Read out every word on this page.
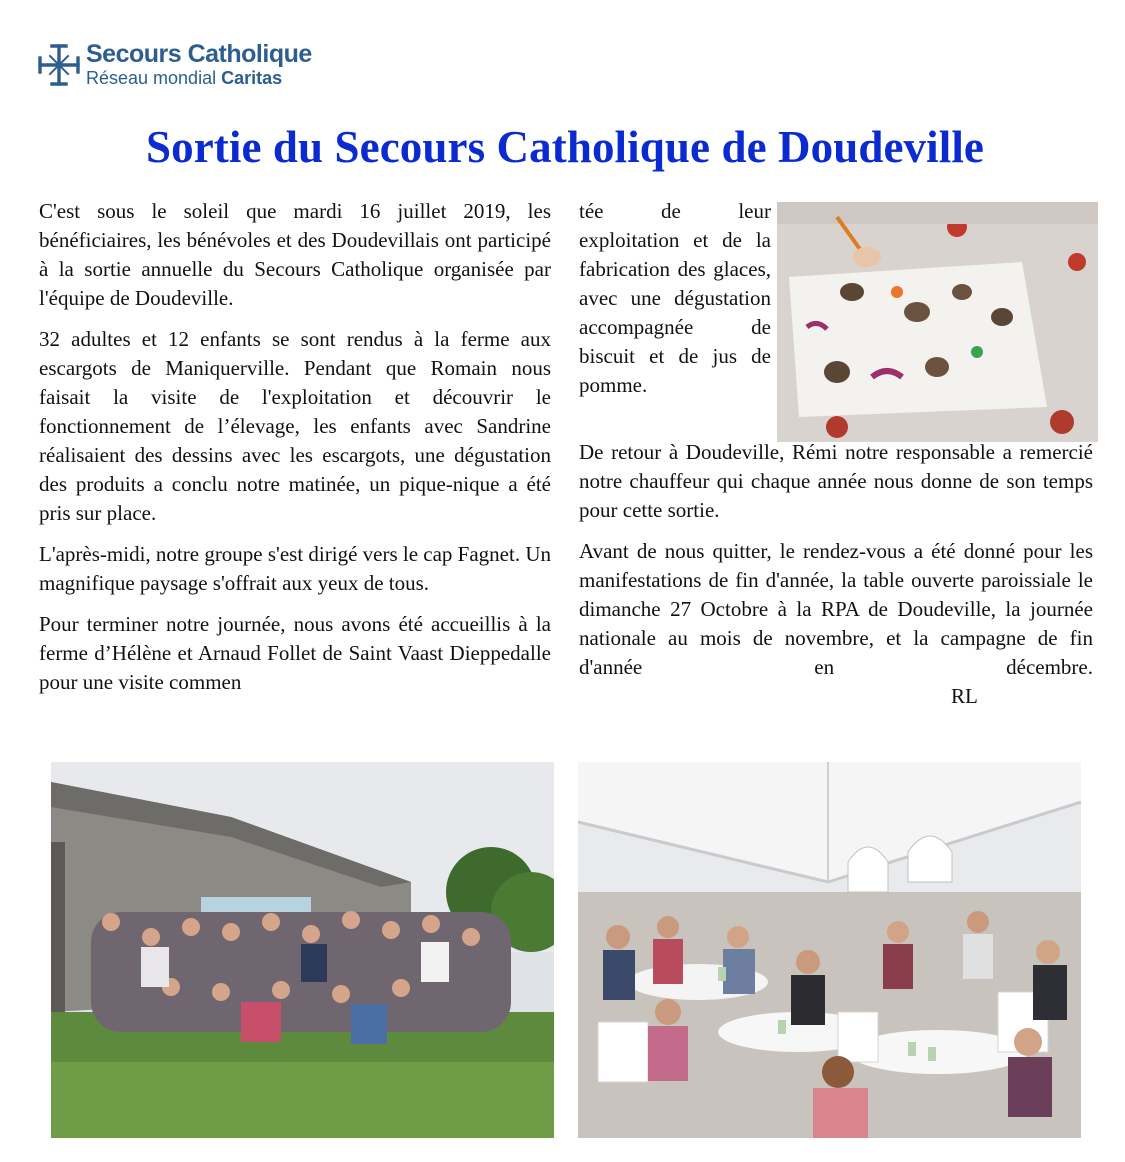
Secours Catholique
Réseau mondial Caritas
Sortie du Secours Catholique de Doudeville

C'est sous le soleil que mardi 16 juillet 2019, les bénéficiaires, les bénévoles et des Doudevillais ont participé à la sortie annuelle du Secours Catholique organisée par l'équipe de Doudeville.

32 adultes et 12 enfants se sont rendus à la ferme aux escargots de Maniquerville. Pendant que Romain nous faisait la visite de l'exploitation et découvrir le fonctionnement de l’élevage, les enfants avec Sandrine réalisaient des dessins avec les escargots, une dégustation des produits a conclu notre matinée, un pique-nique a été pris sur place.

L'après-midi, notre groupe s'est dirigé vers le cap Fagnet. Un magnifique paysage s'offrait aux yeux de tous.

Pour terminer notre journée, nous avons été accueillis à la ferme d’Hélène et Arnaud Follet de Saint Vaast Dieppedalle pour une visite commen

tée de leur exploitation et de la fabrication des glaces, avec une dégustation accompagnée de biscuit et de jus de pomme.

De retour à Doudeville, Rémi notre responsable a remercié notre chauffeur qui chaque année nous donne de son temps pour cette sortie.

Avant de nous quitter, le rendez-vous a été donné pour les manifestations de fin d'année, la table ouverte paroissiale le dimanche 27 Octobre à la RPA de Doudeville, la journée nationale au mois de novembre, et la campagne de fin d'année en décembre.RL
